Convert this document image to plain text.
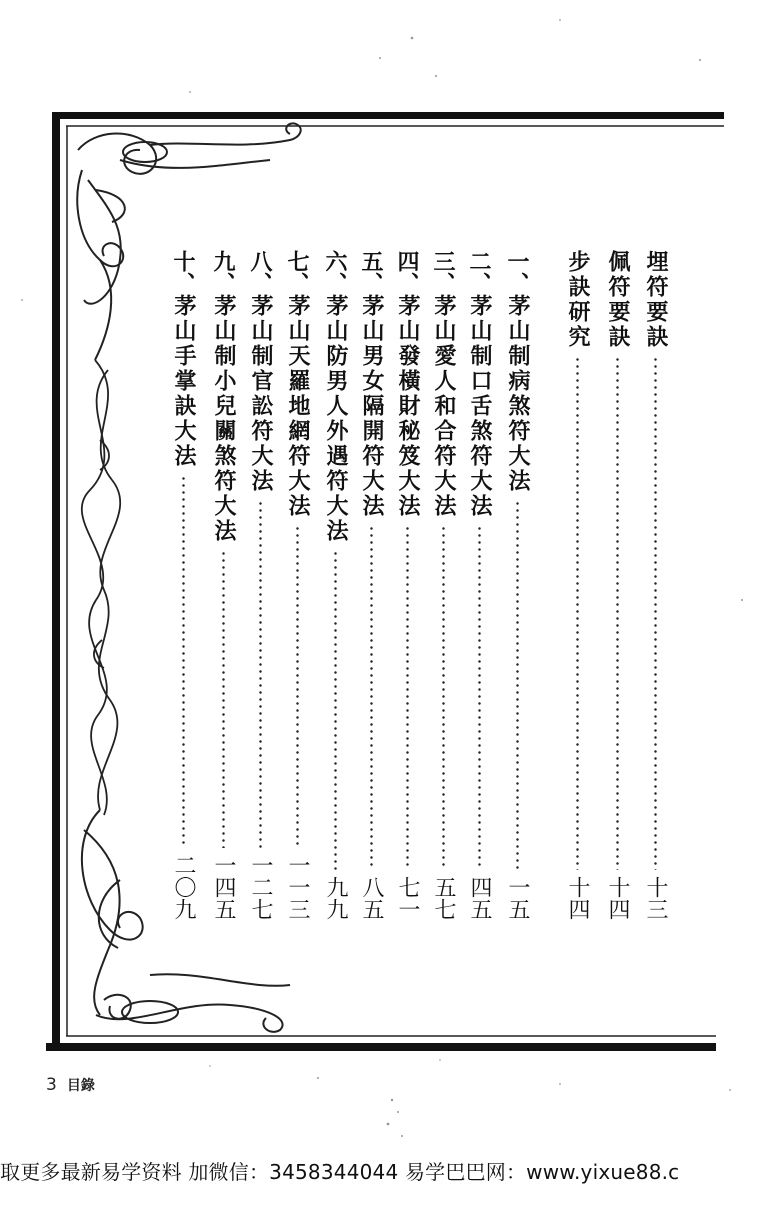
埋符要訣
十三
佩符要訣
十四
步訣研究
十四
一、
茅山制病煞符大法
一五
二、
茅山制口舌煞符大法
四五
三、
茅山愛人和合符大法
五七
四、
茅山發橫財秘笈大法
七一
五、
茅山男女隔開符大法
八五
六、
茅山防男人外遇符大法
九九
七、
茅山天羅地網符大法
一一三
八、
茅山制官訟符大法
一二七
九、
茅山制小兒關煞符大法
一四五
十、
茅山手掌訣大法
二〇九
3 目錄
取更多最新易学资料 加微信：3458344044 易学巴巴网：www.yixue88.c
